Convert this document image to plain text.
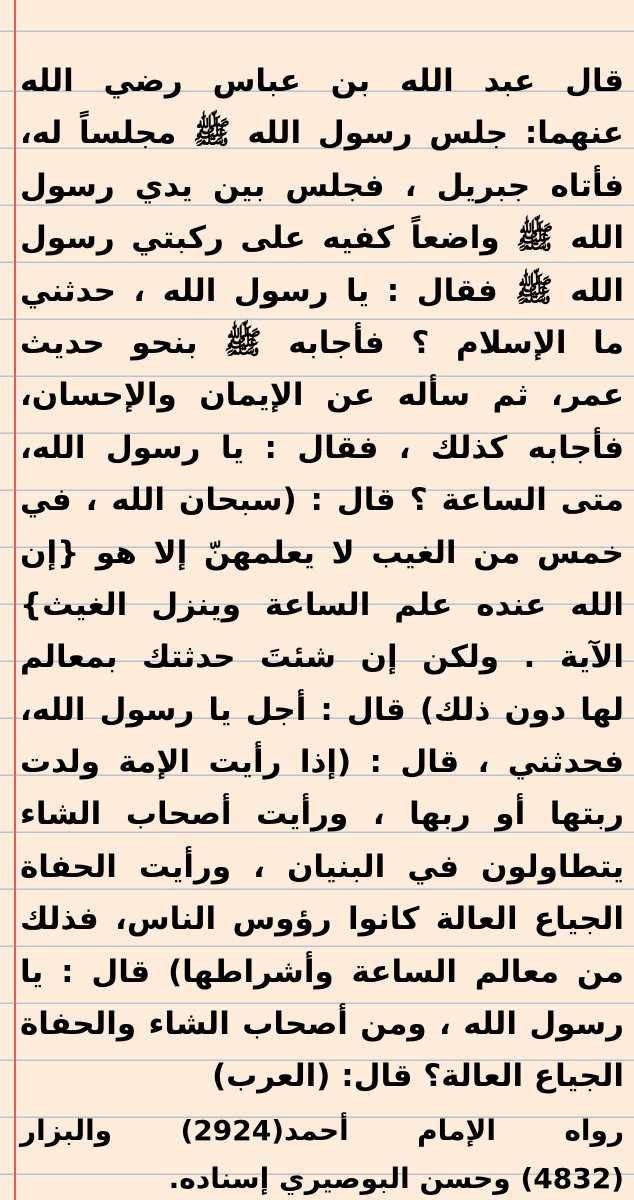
قال عبد الله بن عباس رضي الله
عنهما: جلس رسول الله ﷺ مجلساً له،
فأتاه جبريل ، فجلس بين يدي رسول
الله ﷺ واضعاً كفيه على ركبتي رسول
الله ﷺ فقال : يا رسول الله ، حدثني
ما الإسلام ؟ فأجابه ﷺ بنحو حديث
عمر، ثم سأله عن الإيمان والإحسان،
فأجابه كذلك ، فقال : يا رسول الله،
متى الساعة ؟ قال : (سبحان الله ، في
خمس من الغيب لا يعلمهنّ إلا هو {إن
الله عنده علم الساعة وينزل الغيث}
الآية . ولكن إن شئتَ حدثتك بمعالم
لها دون ذلك) قال : أجل يا رسول الله،
فحدثني ، قال : (إذا رأيت الإمة ولدت
ربتها أو ربها ، ورأيت أصحاب الشاء
يتطاولون في البنيان ، ورأيت الحفاة
الجياع العالة كانوا رؤوس الناس، فذلك
من معالم الساعة وأشراطها) قال : يا
رسول الله ، ومن أصحاب الشاء والحفاة
الجياع العالة؟ قال: (العرب)
رواه الإمام أحمد(2924) والبزار
(4832) وحسن البوصيري إسناده.
